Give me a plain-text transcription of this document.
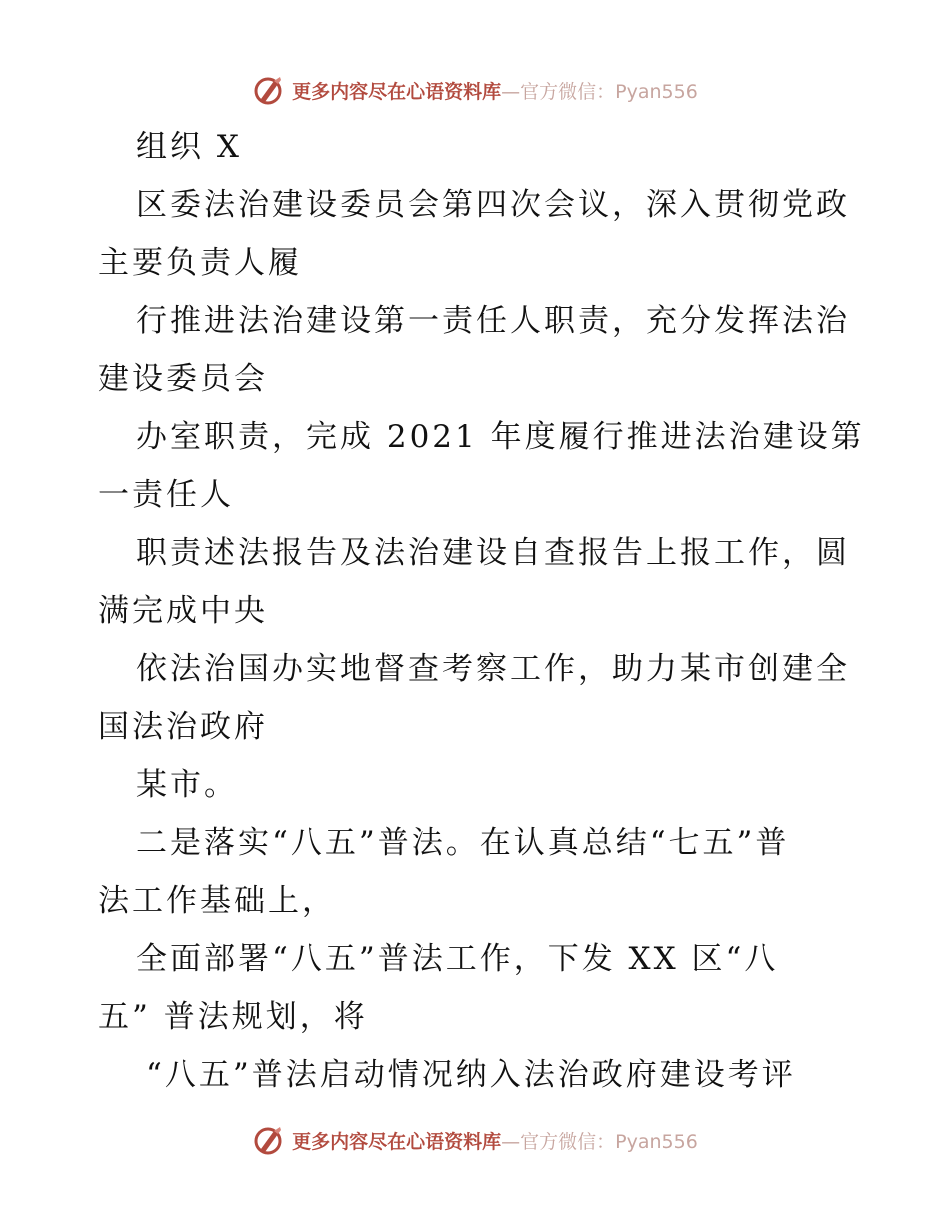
更多内容尽在心语资料库—官方微信：Pyan556
组织 X
区委法治建设委员会第四次会议，深入贯彻党政
主要负责人履
行推进法治建设第一责任人职责，充分发挥法治
建设委员会
办室职责，完成 2021 年度履行推进法治建设第
一责任人
职责述法报告及法治建设自查报告上报工作，圆
满完成中央
依法治国办实地督查考察工作，助力某市创建全
国法治政府
某市。
二是落实“八五”普法。在认真总结“七五”普
法工作基础上，
全面部署“八五”普法工作，下发 XX 区“八
五” 普法规划，将
“八五”普法启动情况纳入法治政府建设考评
更多内容尽在心语资料库—官方微信：Pyan556
